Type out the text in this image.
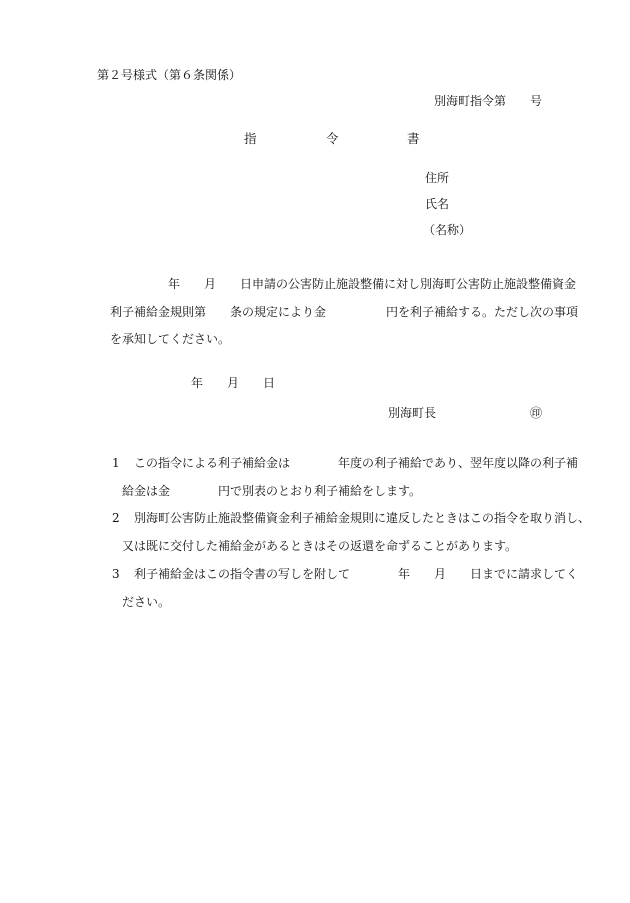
第２号様式（第６条関係）
別海町指令第　　号
指	令	書
住所
氏名
（名称）
年　　月　　日申請の公害防止施設整備に対し別海町公害防止施設整備資金
利子補給金規則第　　条の規定により金　　　　　円を利子補給する。ただし次の事項
を承知してください。
年　　月　　日
別海町長	㊞
1 この指令による利子補給金は　　　　年度の利子補給であり、翌年度以降の利子補
給金は金　　　　円で別表のとおり利子補給をします。
2 別海町公害防止施設整備資金利子補給金規則に違反したときはこの指令を取り消し、
又は既に交付した補給金があるときはその返還を命ずることがあります。
3 利子補給金はこの指令書の写しを附して　　　　年　　月　　日までに請求してく
ださい。
